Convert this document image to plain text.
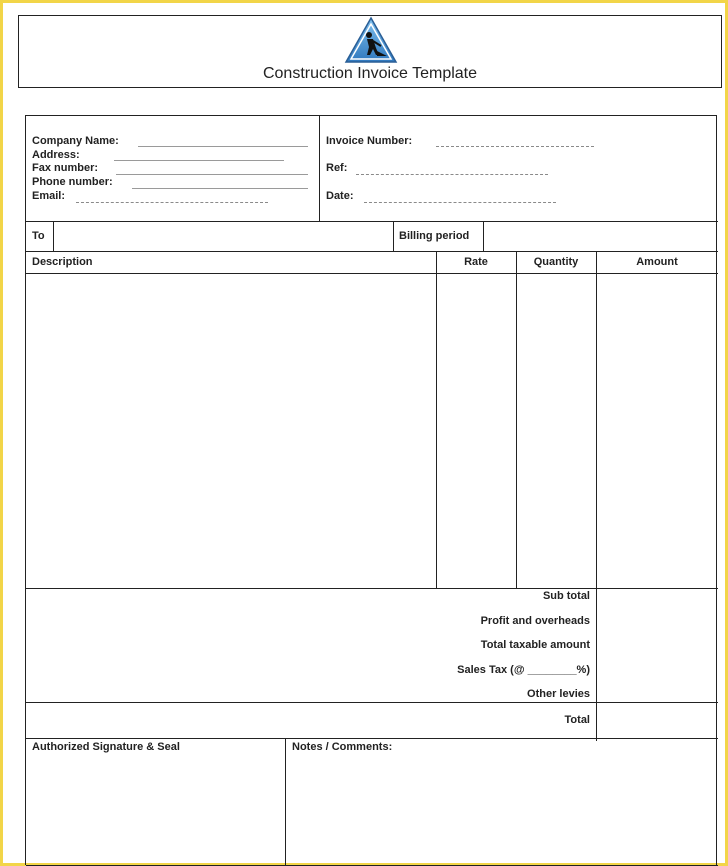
Construction Invoice Template
Company Name:
Address:
Fax number:
Phone number:
Email:
Invoice Number:
Ref:
Date:
To	Billing period
Description	Rate	Quantity	Amount
Sub total
Profit and overheads
Total taxable amount
Sales Tax (@ ________%)
Other levies
Total
Authorized Signature & Seal	Notes / Comments:
